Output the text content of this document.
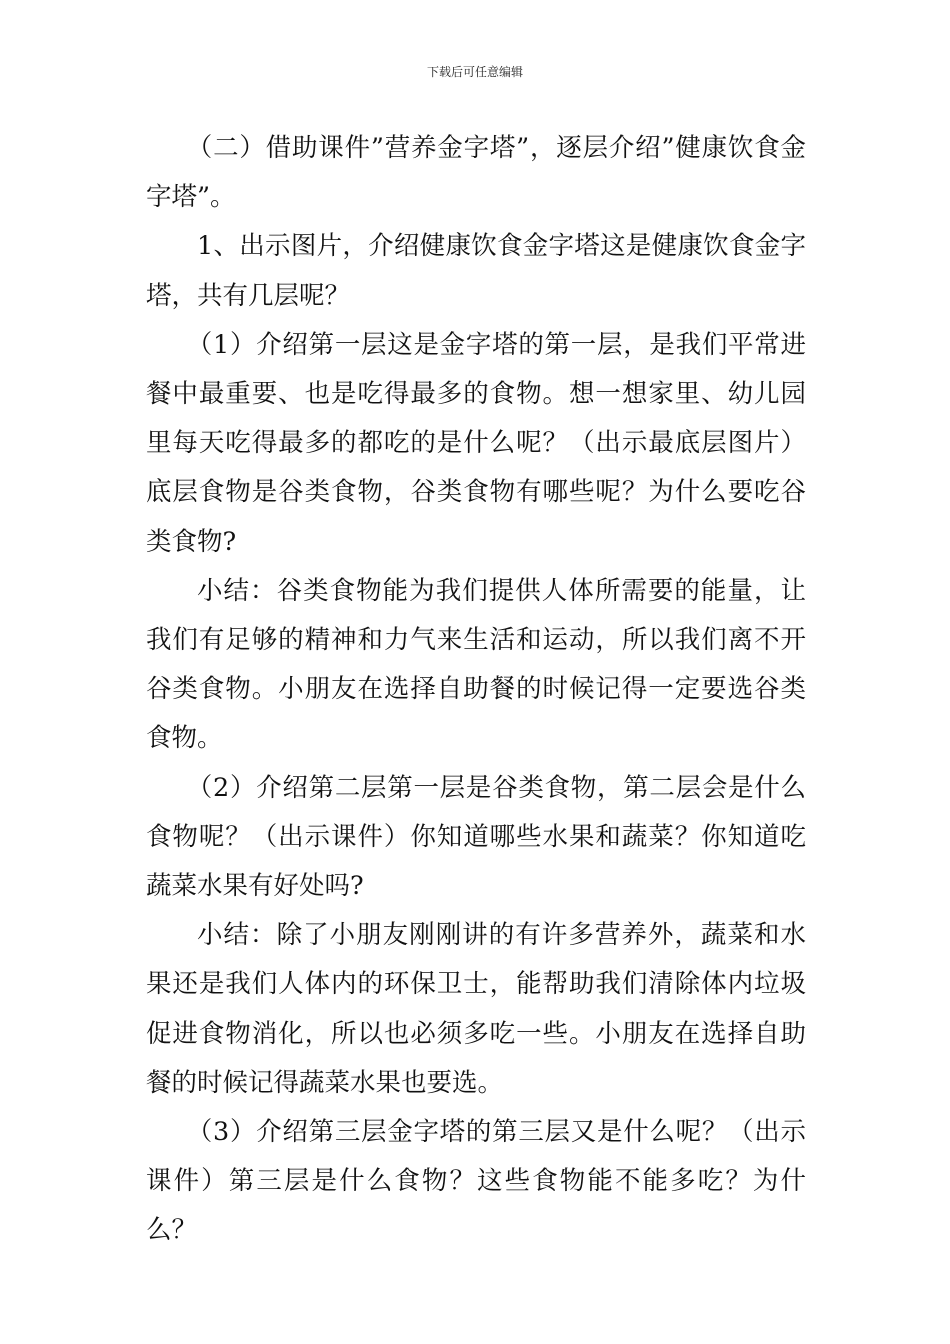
下载后可任意编辑

（二）借助课件”营养金字塔”，逐层介绍”健康饮食金字塔”。

1、出示图片，介绍健康饮食金字塔这是健康饮食金字塔，共有几层呢？

（1）介绍第一层这是金字塔的第一层，是我们平常进餐中最重要、也是吃得最多的食物。想一想家里、幼儿园里每天吃得最多的都吃的是什么呢？（出示最底层图片）底层食物是谷类食物，谷类食物有哪些呢？为什么要吃谷类食物?

小结：谷类食物能为我们提供人体所需要的能量，让我们有足够的精神和力气来生活和运动，所以我们离不开谷类食物。小朋友在选择自助餐的时候记得一定要选谷类食物。

（2）介绍第二层第一层是谷类食物，第二层会是什么食物呢？（出示课件）你知道哪些水果和蔬菜？你知道吃蔬菜水果有好处吗?

小结：除了小朋友刚刚讲的有许多营养外，蔬菜和水果还是我们人体内的环保卫士，能帮助我们清除体内垃圾促进食物消化，所以也必须多吃一些。小朋友在选择自助餐的时候记得蔬菜水果也要选。

（3）介绍第三层金字塔的第三层又是什么呢？（出示课件）第三层是什么食物？这些食物能不能多吃？为什么？
